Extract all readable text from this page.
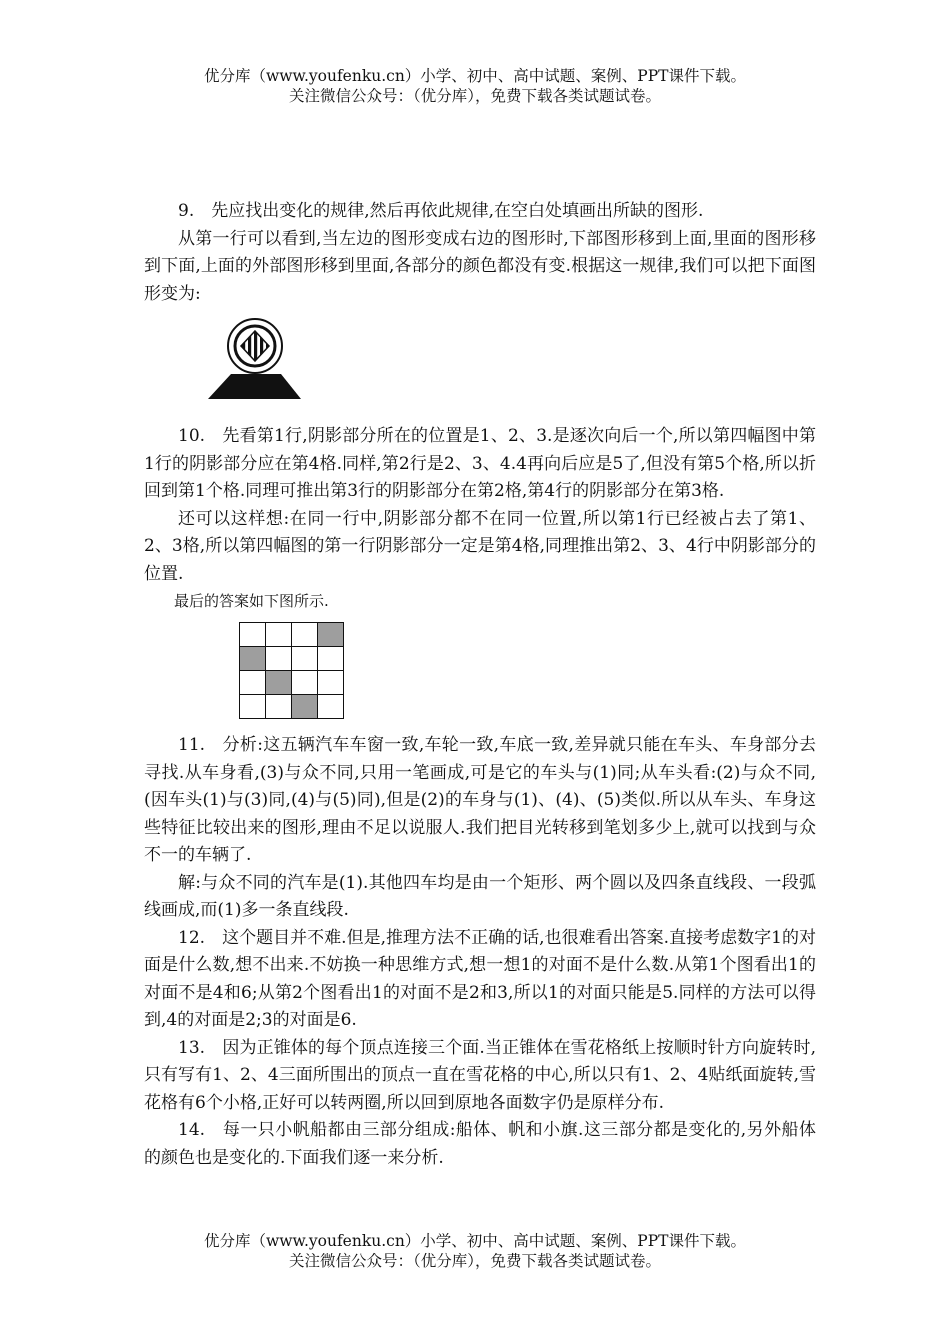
优分库（www.youfenku.cn）小学、初中、高中试题、案例、PPT课件下载。
关注微信公众号：（优分库），免费下载各类试题试卷。

9.　先应找出变化的规律,然后再依此规律,在空白处填画出所缺的图形.

从第一行可以看到,当左边的图形变成右边的图形时,下部图形移到上面,里面的图形移到下面,上面的外部图形移到里面,各部分的颜色都没有变.根据这一规律,我们可以把下面图形变为:

10.　先看第1行,阴影部分所在的位置是1、2、3.是逐次向后一个,所以第四幅图中第1行的阴影部分应在第4格.同样,第2行是2、3、4.4再向后应是5了,但没有第5个格,所以折回到第1个格.同理可推出第3行的阴影部分在第2格,第4行的阴影部分在第3格.

还可以这样想:在同一行中,阴影部分都不在同一位置,所以第1行已经被占去了第1、2、3格,所以第四幅图的第一行阴影部分一定是第4格,同理推出第2、3、4行中阴影部分的位置.

最后的答案如下图所示.

11.　分析:这五辆汽车车窗一致,车轮一致,车底一致,差异就只能在车头、车身部分去寻找.从车身看,(3)与众不同,只用一笔画成,可是它的车头与(1)同;从车头看:(2)与众不同,(因车头(1)与(3)同,(4)与(5)同),但是(2)的车身与(1)、(4)、(5)类似.所以从车头、车身这些特征比较出来的图形,理由不足以说服人.我们把目光转移到笔划多少上,就可以找到与众不一的车辆了.

解:与众不同的汽车是(1).其他四车均是由一个矩形、两个圆以及四条直线段、一段弧线画成,而(1)多一条直线段.

12.　这个题目并不难.但是,推理方法不正确的话,也很难看出答案.直接考虑数字1的对面是什么数,想不出来.不妨换一种思维方式,想一想1的对面不是什么数.从第1个图看出1的对面不是4和6;从第2个图看出1的对面不是2和3,所以1的对面只能是5.同样的方法可以得到,4的对面是2;3的对面是6.

13.　因为正锥体的每个顶点连接三个面.当正锥体在雪花格纸上按顺时针方向旋转时,只有写有1、2、4三面所围出的顶点一直在雪花格的中心,所以只有1、2、4贴纸面旋转,雪花格有6个小格,正好可以转两圈,所以回到原地各面数字仍是原样分布.

14.　每一只小帆船都由三部分组成:船体、帆和小旗.这三部分都是变化的,另外船体的颜色也是变化的.下面我们逐一来分析.

优分库（www.youfenku.cn）小学、初中、高中试题、案例、PPT课件下载。
关注微信公众号：（优分库），免费下载各类试题试卷。
